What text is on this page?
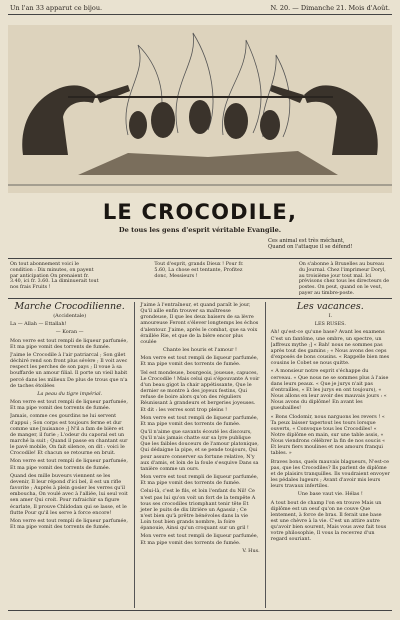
Un l'an 33 apparut ce bijou.	N. 20. — Dimanche 21. Mois d'Août.
LE CROCODILE,
De tous les gens d'esprit véritable Evangile.
Ces animal est très méchant,
Quand on l'attaque il se défend!
On tout abonnement voici le condition : Dix minutes, on payent par anticipation On prenaient fr. 3.40, ici fr. 3.60. La diminuerait tout nos frais Fruits !
Tout d'esprit, grands Dieux ! Pour fr. 5.60, La chose est tentante, Profitez donc, Messieurs !
On s'abonne à Bruxelles au bureau du Journal. Chez l'imprimeur Doryl, au troisième jour tout mal. Ici prévisons chez tous les directeurs de postes. On peut, quand on le veut, payer au timbre-poste.
Marche Crocodilienne.

(Accidentale)

La — Allah — Ettallah!

— Koran —

Mon verre est tout rempli de liqueur parfumée, Et ma pipe vomit des torrents de fumée.

J'aime le Crocodile à l'air patriarcal ; Son gilet déchiré rend son front plus sévère ; Il voit avec respect les perches de son pays ; Il voue à sa bouffarde un amour filial. Il porte un vieil habit percé dans les milieux De plus de trous que n'a de taches étoilées

La peau du tigre impérial.

Mon verre est tout rempli de liqueur parfumée, Et ma pipe vomit des torrents de fumée.

Jamais, comme ces gourdins ne lui servent d'appui ; Son corps est toujours ferme et dur comme une [nuisance ;] N'il a fam de bière et de manger, il furie ; L'odeur du caporal est un marché la suit ; Quand il passe en chantant sur le pavé mobile, On fait silence, on dit : voici le Crocodile! Et chacun se retourne en bruit.

Mon verre est tout rempli de liqueur parfumée, Et ma pipe vomit des torrents de fumée.

Quand des mille buveurs viennent se les devenir, Il leur répond d'ici bel, il est un rifle favorite ; Auprès à plein gosier les verres qu'il emboucha, On voulé avec à l'alliée, lui seul voit sen amer Qui croit. Pour rafraichir sa figure écarlate, Il prouve Chlidodan qui se lasse, et le flutte Pour qu'il les serve à force encore!

Mon verre est tout rempli de liqueur parfumée, Et ma pipe vomit des torrents de fumée.

J'aime à l'entraîneur, et quand paraît le jour, Qu'il aille enfin trouver sa maîtresse grondeuse, Il que les deux baisers de sa lèvre amoureuse Feront s'élever longtemps les échos d'alentour. J'aime, après le combat, que sa voix éraillée Rie, et que de la bière encor plus coulée

Chante les houris et l'amour !

Mon verre est tout rempli de liqueur parfumée, Et ma pipe vomit des torrents de fumée.

Tel est mondeuse, bourgeois, joueuse, capuces, Le Crocodile ! Mais celui qui s'épouvante A voir d'un beau gigot la chair appétissante, Que le dernier se montre à des joyeux festins, Qui refuse de boire alors qu'on des réguliers Réunissant à grandeurs et bergeries joyeuses. Et dit : les verres sont trop pleins !

Mon verre est tout rempli de liqueur parfumée, Et ma pipe vomit des torrents de fumée.

Qu'il n'aime que savants écouté les discours, Qu'il n'ais jamais chatte sur sa lyre publique Que les faibles douceurs de l'amour platonique, Qui dédaigne la pipe, et se pende toujours, Qui pour assure conserver sa fortune relative, N'y aux d'amis, et loin de la foule s'esquive Dans sa tanière comme un ours.

Mon verre est tout rempli de liqueur parfumée, Et ma pipe vomit des torrents de fumée.

Celui-là, c'est le fils, et loin l'enfant du Nil! Ce n'est pas lui qu'on voit un fort de la tempête A tous ses crocodiles triomphant tenir tête Et jeter le puits de dix litrière un Agassiz ; Ce n'est bien qu'à prêtre bénévoles dans la vie Loin tout bien grands nombre, la foire épanouie, Ainsi qu'un croquant sur un gril !

Mon verre est tout rempli de liqueur parfumée, Et ma pipe vomit des torrents de fumée.

V. Hus.

Les vacances.

I.

LES RUSES.

Ah! qu'est-ce qu'une base? Avant les examens C'est un fantôme, une ombre, un spectre, un [affreux mythe ;] « Bah! nous ne sommes pas après tout des gamins ; « Nous avons des ceps d'exposés de bons cousins. « Rappelle bien mes cousins le Cobet se nous quitte.

« A monsieur notre esprit s'échappe du cerveau. « Que nous ne se sommes plus à l'aise dans leurs peaux. « Que je jurys n'ait pas d'entrailles, « Et les jurys en ont toujours), « Nous allons en leur avoir des mauvais jours : « Nous avons du diplôme! En avant les gueubailles!

« Bons Clodomir, nous narguons les revers ! « Ta peux laisser tapertout les tours lorsque ouverts, « Convoque tous les Crocodiles! « Notre diplôme en main, sur une table assis, « Nous viendrons célébrer la fin de nos soucis « Et leurs fiers moulines et nos amours franqui tables. »

Braves bons, quels mauvais blagueurs, N'est-ce pas, que les Crocodiles? Ils parlent de diplôme et de plaisirs tranquilles. Ils voudraient envoyer les pédales lugeurs ; Avant d'avoir mis leurs leurs travaux infertiles.

Une base vaut vie. Hélas !

A tout bout de champ l'on en trouve Mais un diplôme est un oeuf qu'on ne couve Que lentement, à force de bras. Il ferait une base est une chèvre à la vie. C'est un attire autre qu'avoir bien sourent, Mais vous avez fait tous votre philosophie, Il vous la recevrez d'un regard souriant.
